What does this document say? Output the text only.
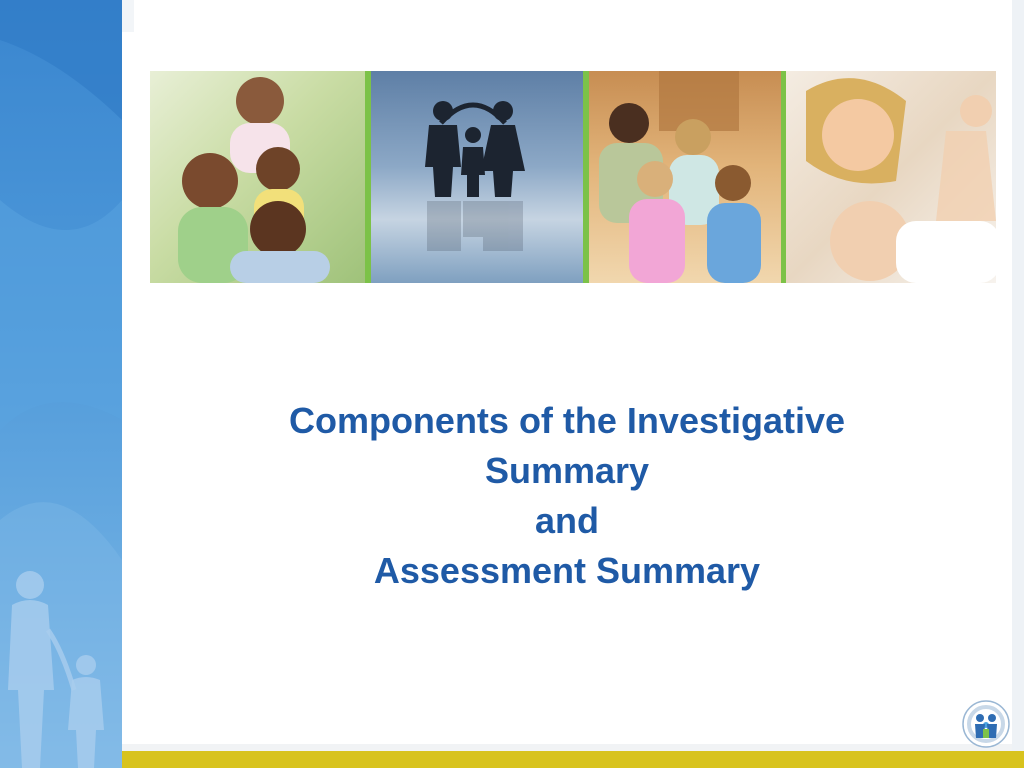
Components of the Investigative
Summary
and
Assessment Summary
